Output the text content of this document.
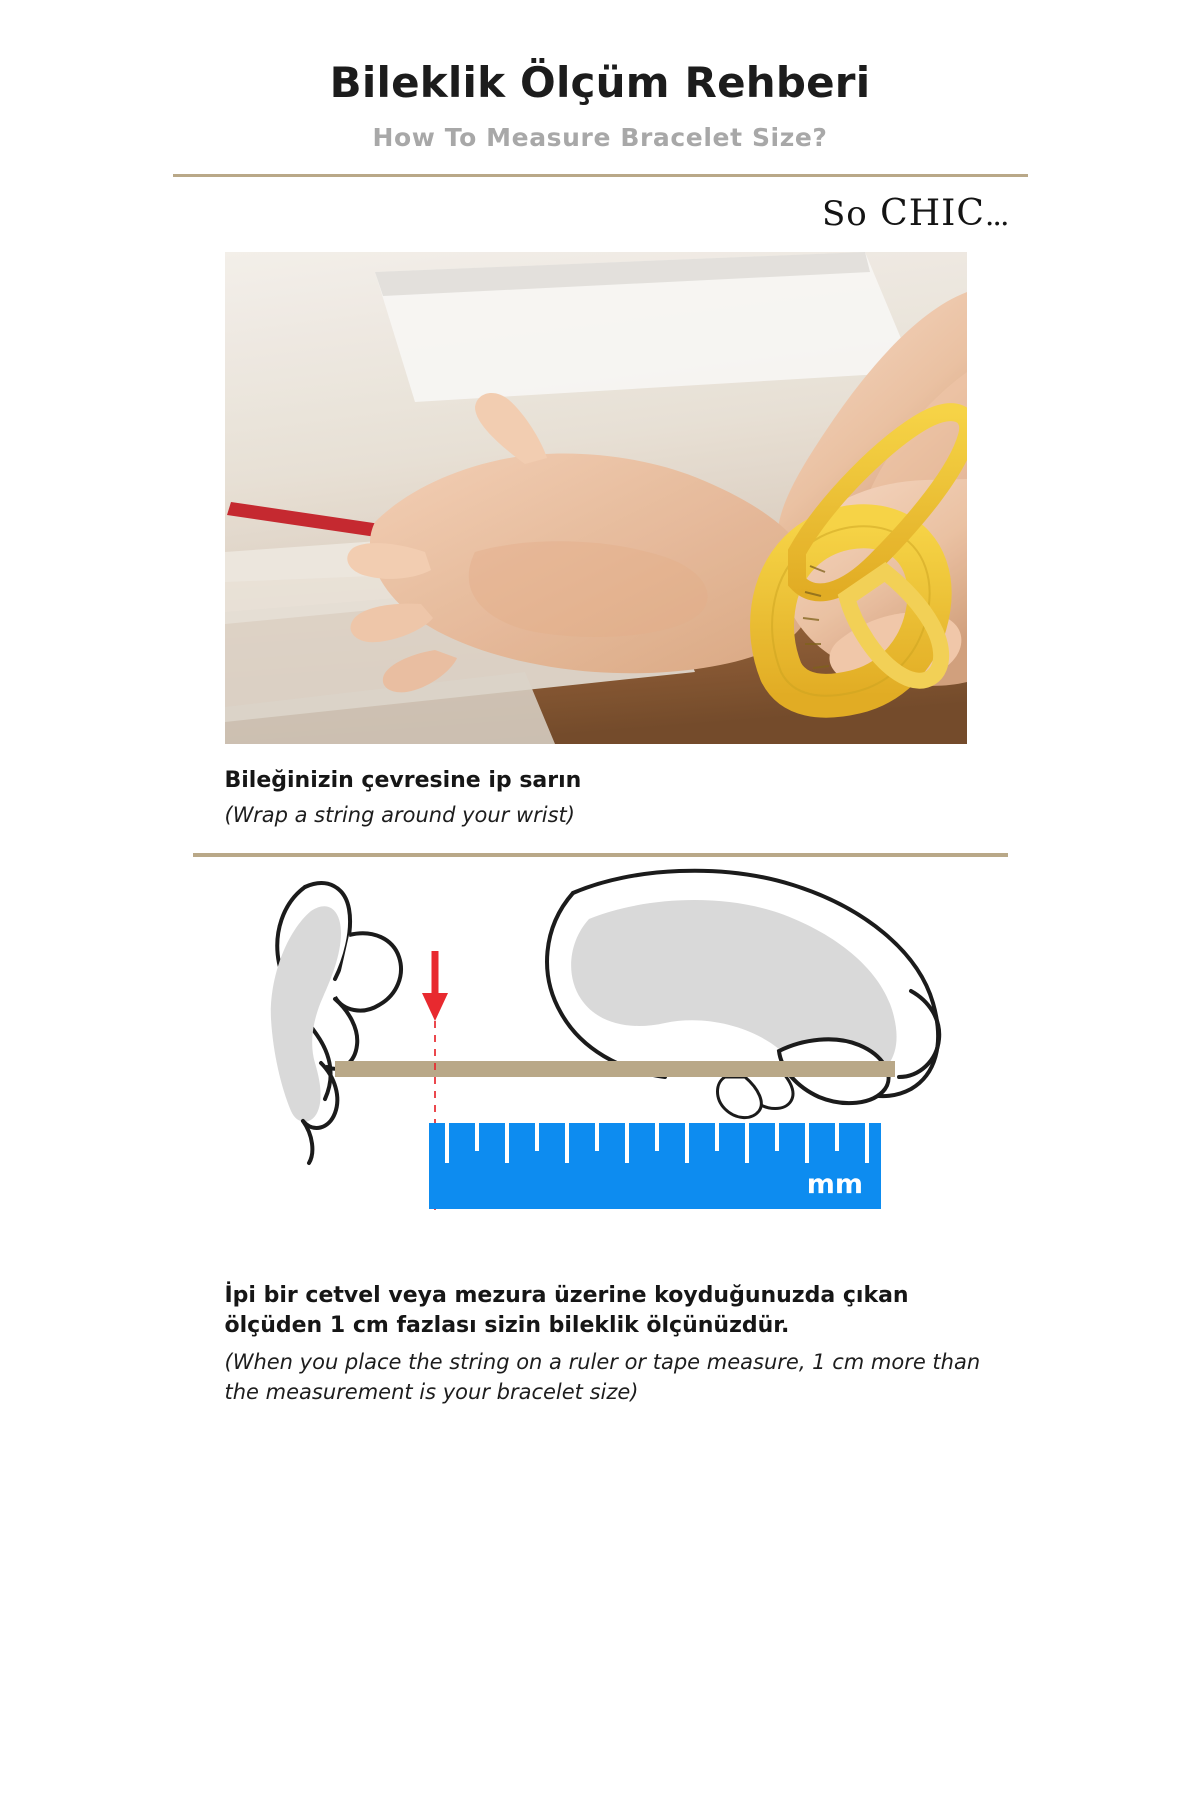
Bileklik Ölçüm Rehberi
How To Measure Bracelet Size?
So CHIC...
Bileğinizin çevresine ip sarın
(Wrap a string around your wrist)
mm
İpi bir cetvel veya mezura üzerine koyduğunuzda çıkan ölçüden 1 cm fazlası sizin bileklik ölçünüzdür.
(When you place the string on a ruler or tape measure, 1 cm more than the measurement is your bracelet size)
